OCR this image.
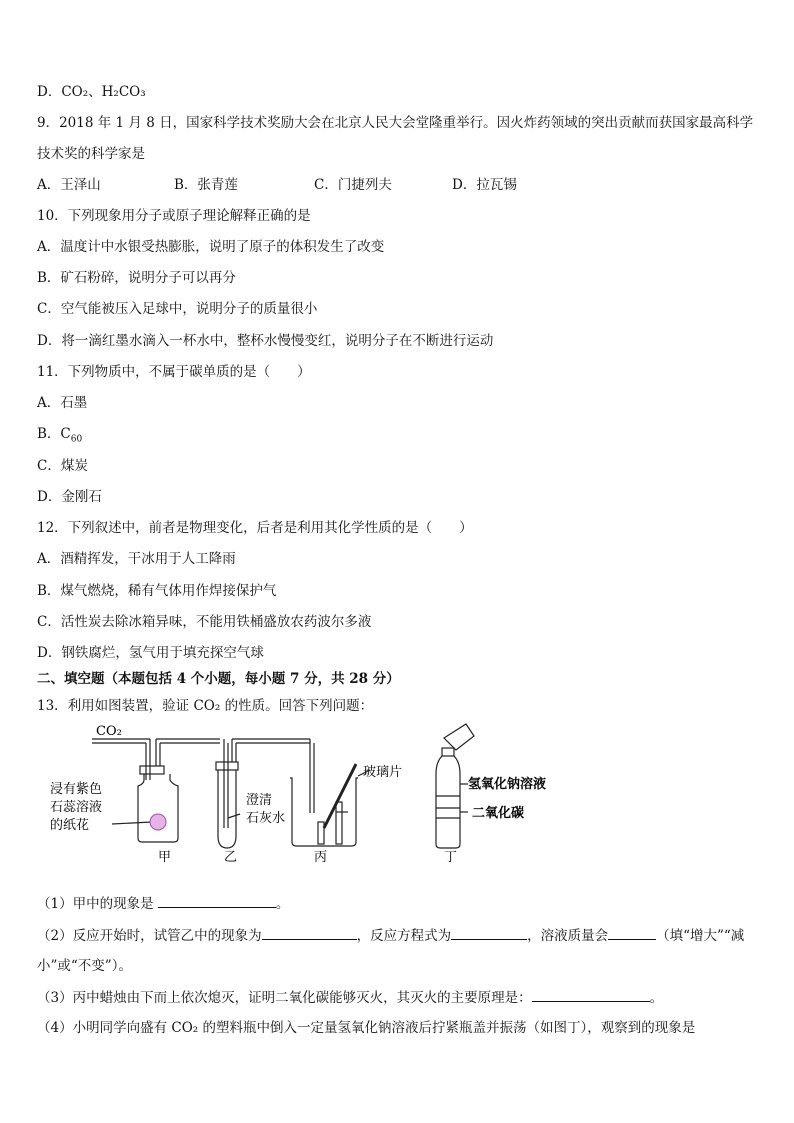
D．CO₂、H₂CO₃
9．2018 年 1 月 8 日，国家科学技术奖励大会在北京人民大会堂隆重举行。因火炸药领域的突出贡献而获国家最高科学
技术奖的科学家是
A．王泽山	B．张青莲	C．门捷列夫	D．拉瓦锡
10．下列现象用分子或原子理论解释正确的是
A．温度计中水银受热膨胀，说明了原子的体积发生了改变
B．矿石粉碎，说明分子可以再分
C．空气能被压入足球中，说明分子的质量很小
D．将一滴红墨水滴入一杯水中，整杯水慢慢变红，说明分子在不断进行运动
11．下列物质中，不属于碳单质的是（　　）
A．石墨
B．$C_{60}$
C．煤炭
D．金刚石
12．下列叙述中，前者是物理变化，后者是利用其化学性质的是（　　）
A．酒精挥发，干冰用于人工降雨
B．煤气燃烧，稀有气体用作焊接保护气
C．活性炭去除冰箱异味，不能用铁桶盛放农药波尔多液
D．钢铁腐烂，氢气用于填充探空气球
二、填空题（本题包括 4 个小题，每小题 7 分，共 28 分）
13．利用如图装置，验证 CO₂ 的性质。回答下列问题：
CO₂
浸有紫色
石蕊溶液
的纸花
澄清
石灰水
玻璃片
氢氧化钠溶液
二氧化碳
甲	乙	丙	丁
（1）甲中的现象是	。
（2）反应开始时，试管乙中的现象为	，反应方程式为	，溶液质量会	（填“增大”“减
小”或“不变”）。
（3）丙中蜡烛由下而上依次熄灭，证明二氧化碳能够灭火，其灭火的主要原理是：	。
（4）小明同学向盛有 CO₂ 的塑料瓶中倒入一定量氢氧化钠溶液后拧紧瓶盖并振荡（如图丁），观察到的现象是
